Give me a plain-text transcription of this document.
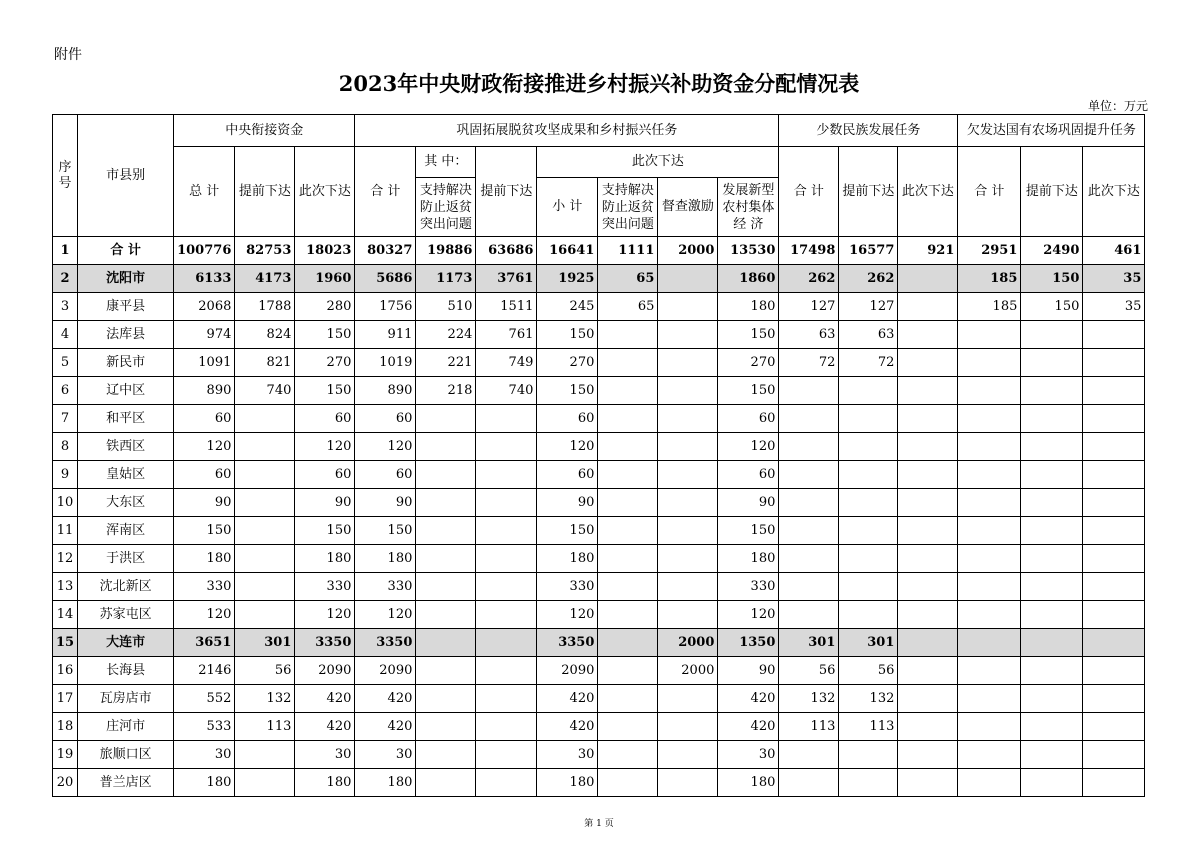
附件
2023年中央财政衔接推进乡村振兴补助资金分配情况表
单位：万元
序号	市县别	中央衔接资金			巩固拓展脱贫攻坚成果和乡村振兴任务							少数民族发展任务			欠发达国有农场巩固提升任务		
		总 计	提前下达	此次下达	合 计	其 中：	提前下达	此次下达				合 计	提前下达	此次下达	合 计	提前下达	此次下达
						支持解决防止返贫突出问题		小 计	支持解决防止返贫突出问题	督查激励	发展新型农村集体经 济						

1	合 计	100776	82753	18023	80327	19886	63686	16641	1111	2000	13530	17498	16577	921	2951	2490	461
2	沈阳市	6133	4173	1960	5686	1173	3761	1925	65		1860	262	262		185	150	35
3	康平县	2068	1788	280	1756	510	1511	245	65		180	127	127		185	150	35
4	法库县	974	824	150	911	224	761	150			150	63	63				
5	新民市	1091	821	270	1019	221	749	270			270	72	72				
6	辽中区	890	740	150	890	218	740	150			150						
7	和平区	60		60	60			60			60						
8	铁西区	120		120	120			120			120						
9	皇姑区	60		60	60			60			60						
10	大东区	90		90	90			90			90						
11	浑南区	150		150	150			150			150						
12	于洪区	180		180	180			180			180						
13	沈北新区	330		330	330			330			330						
14	苏家屯区	120		120	120			120			120						
15	大连市	3651	301	3350	3350			3350		2000	1350	301	301				
16	长海县	2146	56	2090	2090			2090		2000	90	56	56				
17	瓦房店市	552	132	420	420			420			420	132	132				
18	庄河市	533	113	420	420			420			420	113	113				
19	旅顺口区	30		30	30			30			30						
20	普兰店区	180		180	180			180			180						
第 1 页
